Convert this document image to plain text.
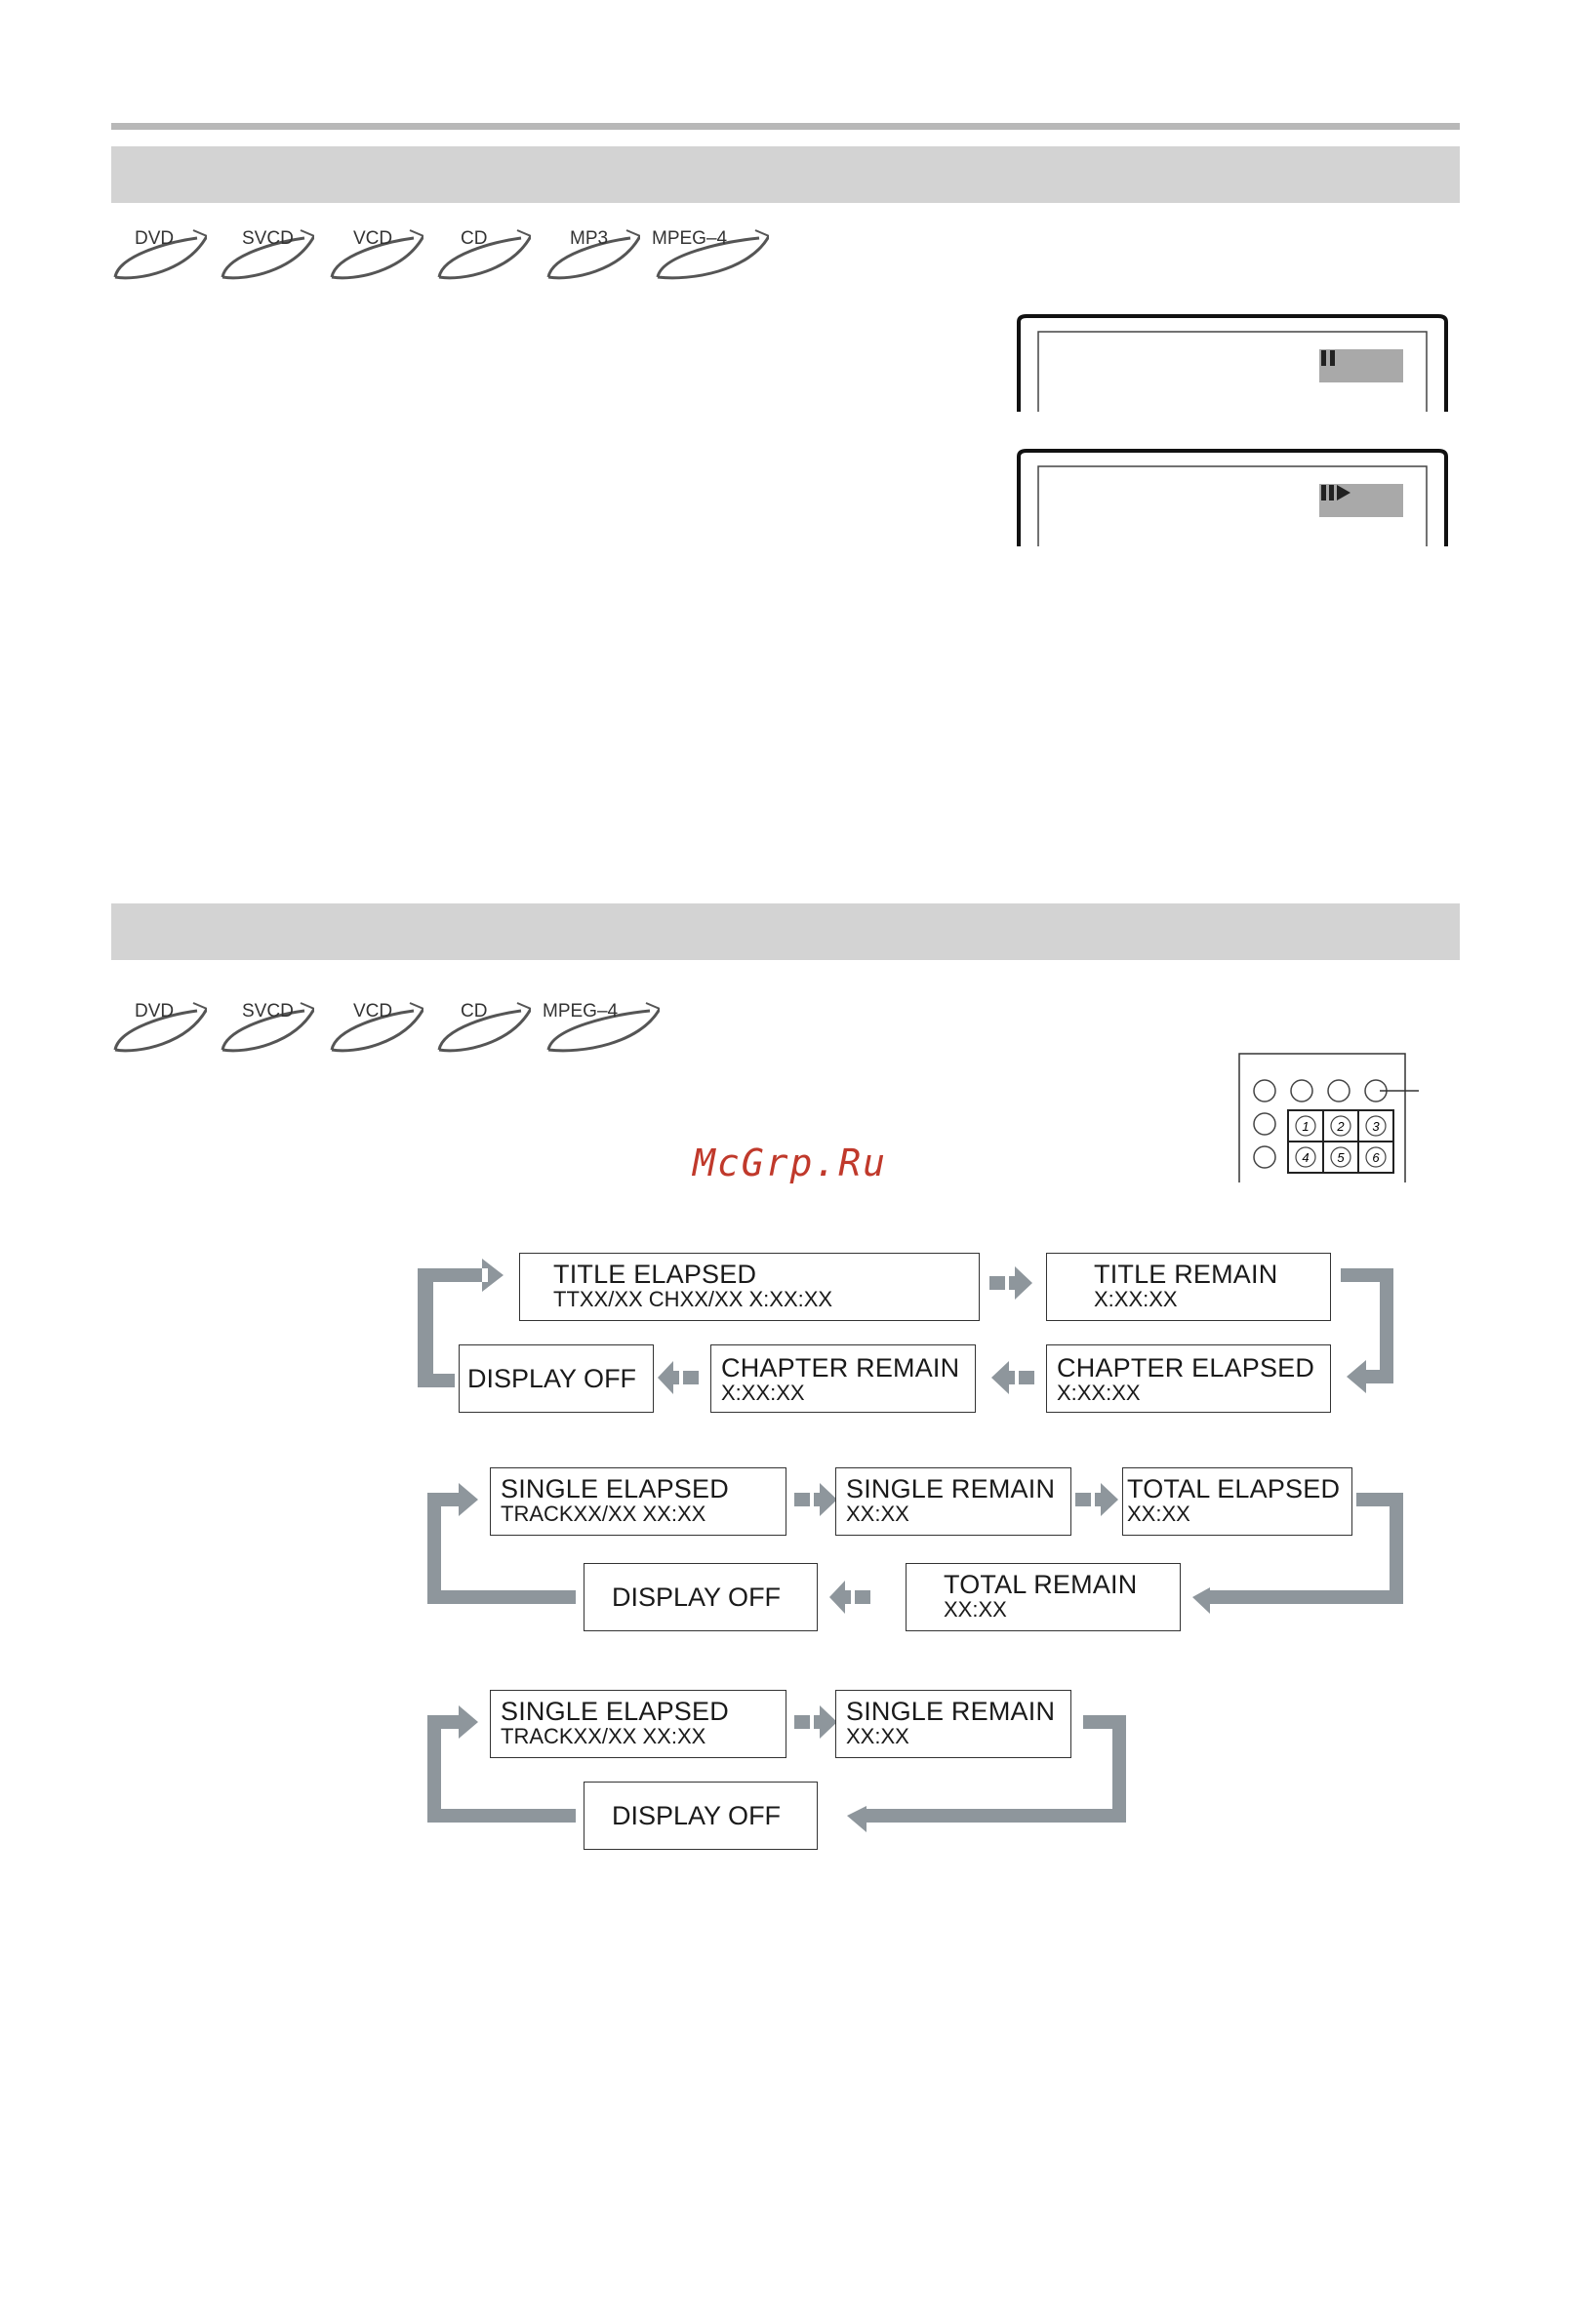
DVD	SVCD	VCD	CD	MP3 MPEG–4
DVD	SVCD	VCD	CD	MPEG–4
1 2 3
4 5 6
McGrp.Ru
TITLE ELAPSED
TTXX/XX CHXX/XX X:XX:XX
TITLE REMAIN
X:XX:XX
CHAPTER ELAPSED
X:XX:XX
CHAPTER REMAIN
X:XX:XX
DISPLAY OFF
SINGLE ELAPSED
TRACKXX/XX XX:XX
SINGLE REMAIN
XX:XX
TOTAL ELAPSED
XX:XX
TOTAL REMAIN
XX:XX
DISPLAY OFF
SINGLE ELAPSED
TRACKXX/XX XX:XX
SINGLE REMAIN
XX:XX
DISPLAY OFF
